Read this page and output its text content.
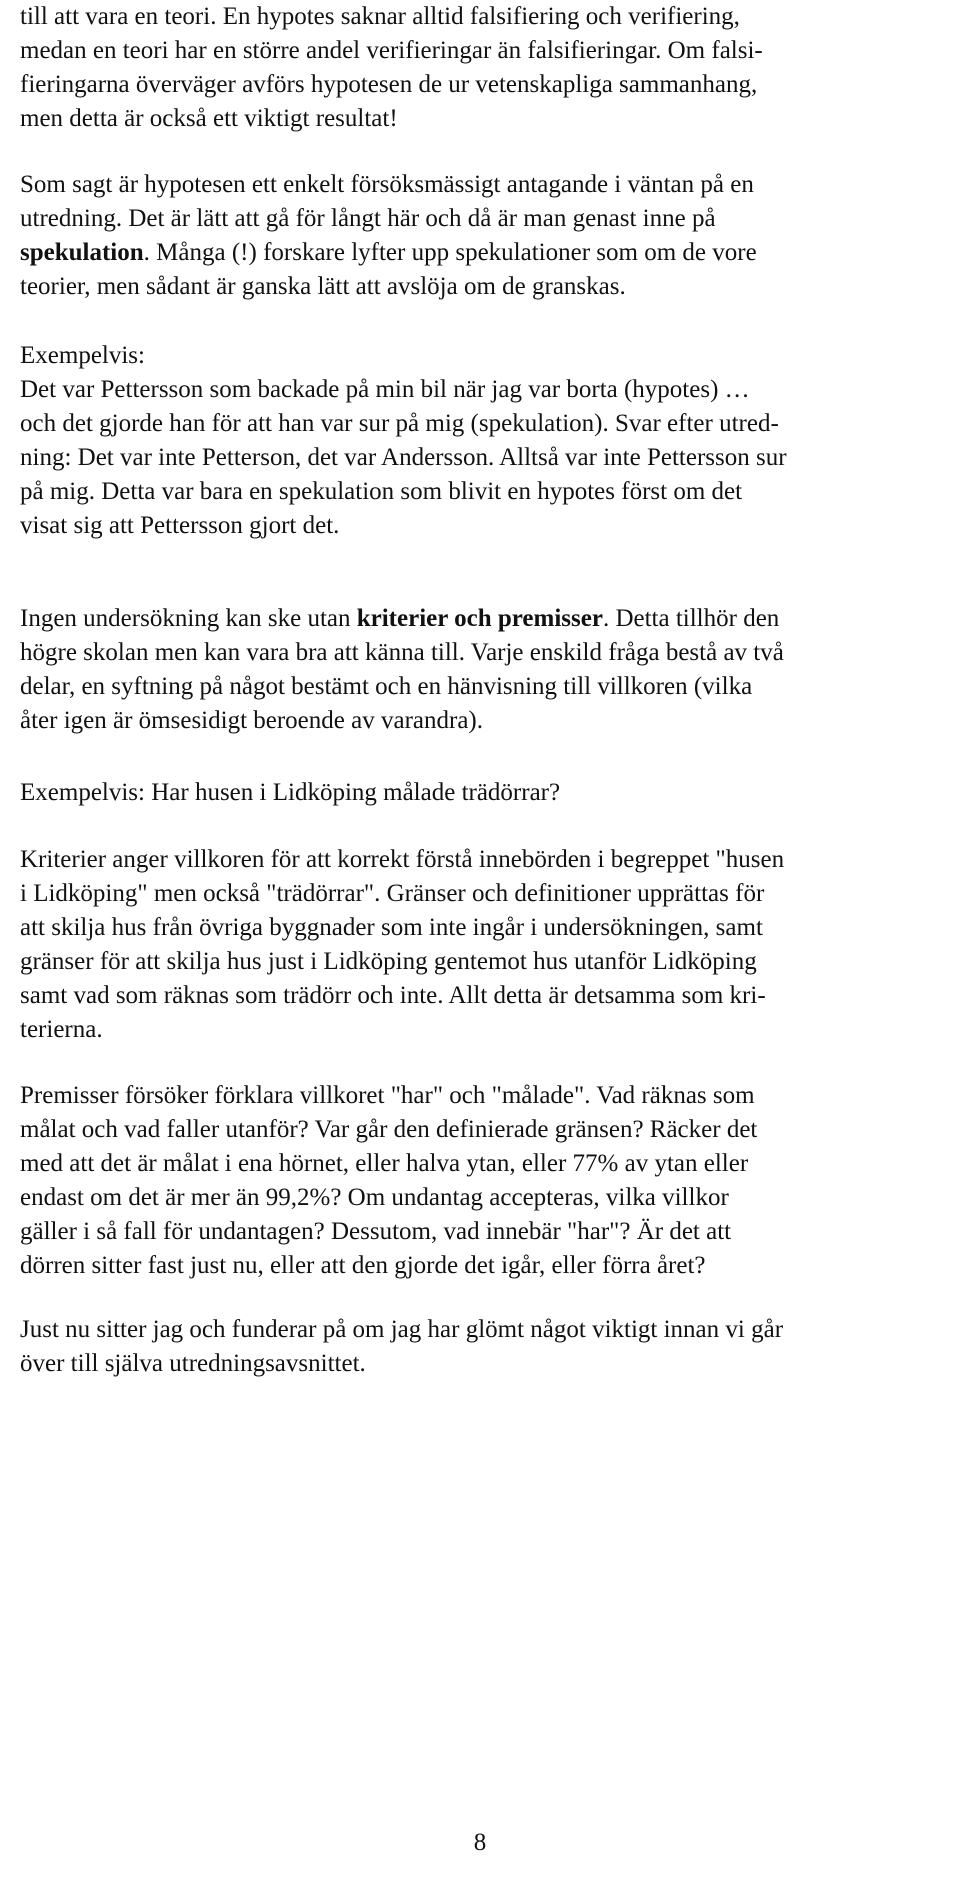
till att vara en teori. En hypotes saknar alltid falsifiering och verifiering,
medan en teori har en större andel verifieringar än falsifieringar. Om falsi-
fieringarna överväger avförs hypotesen de ur vetenskapliga sammanhang,
men detta är också ett viktigt resultat!

Som sagt är hypotesen ett enkelt försöksmässigt antagande i väntan på en
utredning. Det är lätt att gå för långt här och då är man genast inne på
spekulation. Många (!) forskare lyfter upp spekulationer som om de vore
teorier, men sådant är ganska lätt att avslöja om de granskas.

Exempelvis:
Det var Pettersson som backade på min bil när jag var borta (hypotes) …
och det gjorde han för att han var sur på mig (spekulation). Svar efter utred-
ning: Det var inte Petterson, det var Andersson. Alltså var inte Pettersson sur
på mig. Detta var bara en spekulation som blivit en hypotes först om det
visat sig att Pettersson gjort det.

Ingen undersökning kan ske utan kriterier och premisser. Detta tillhör den
högre skolan men kan vara bra att känna till. Varje enskild fråga bestå av två
delar, en syftning på något bestämt och en hänvisning till villkoren (vilka
åter igen är ömsesidigt beroende av varandra).

Exempelvis: Har husen i Lidköping målade trädörrar?

Kriterier anger villkoren för att korrekt förstå innebörden i begreppet "husen
i Lidköping" men också "trädörrar". Gränser och definitioner upprättas för
att skilja hus från övriga byggnader som inte ingår i undersökningen, samt
gränser för att skilja hus just i Lidköping gentemot hus utanför Lidköping
samt vad som räknas som trädörr och inte. Allt detta är detsamma som kri-
terierna.

Premisser försöker förklara villkoret "har" och "målade". Vad räknas som
målat och vad faller utanför? Var går den definierade gränsen? Räcker det
med att det är målat i ena hörnet, eller halva ytan, eller 77% av ytan eller
endast om det är mer än 99,2%? Om undantag accepteras, vilka villkor
gäller i så fall för undantagen? Dessutom, vad innebär "har"? Är det att
dörren sitter fast just nu, eller att den gjorde det igår, eller förra året?

Just nu sitter jag och funderar på om jag har glömt något viktigt innan vi går
över till själva utredningsavsnittet.

8
